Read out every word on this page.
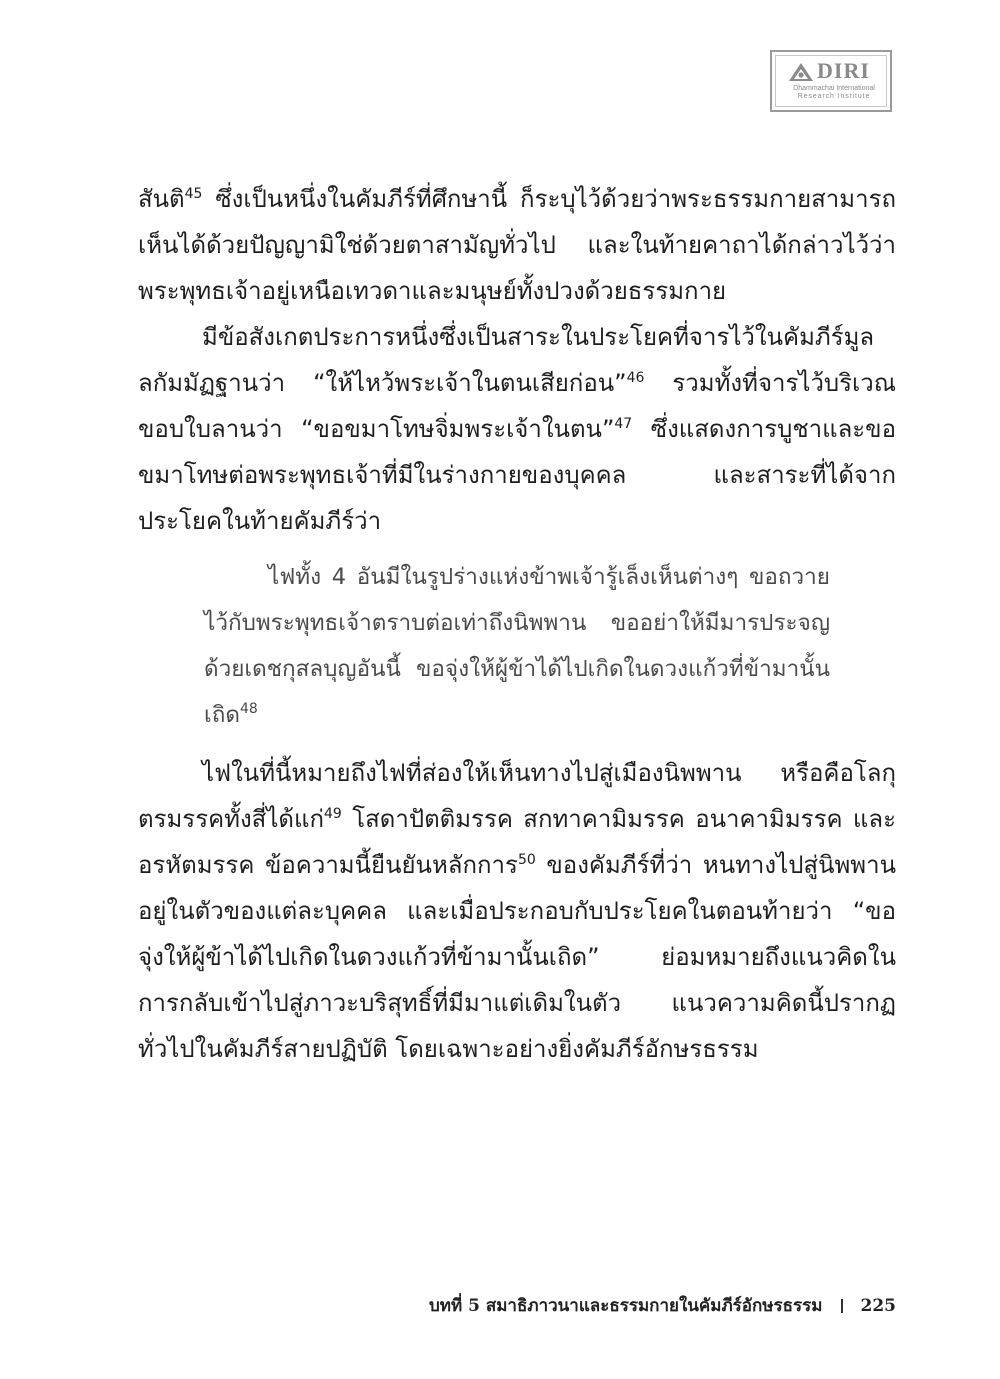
DIRI
Dhammachai International
Research Institute

สันติ$^{45}$ ซึ่งเป็นหนึ่งในคัมภีร์ที่ศึกษานี้ ก็ระบุไว้ด้วยว่าพระธรรมกายสามารถเห็นได้ด้วยปัญญามิใช่ด้วยตาสามัญทั่วไป และในท้ายคาถาได้กล่าวไว้ว่า พระพุทธเจ้าอยู่เหนือเทวดาและมนุษย์ทั้งปวงด้วยธรรมกาย

มีข้อสังเกตประการหนึ่งซึ่งเป็นสาระในประโยคที่จารไว้ในคัมภีร์มูลลกัมมัฏฐานว่า “ให้ไหว้พระเจ้าในตนเสียก่อน”$^{46}$ รวมทั้งที่จารไว้บริเวณขอบใบลานว่า “ขอขมาโทษจิ่มพระเจ้าในตน”$^{47}$ ซึ่งแสดงการบูชาและขอขมาโทษต่อพระพุทธเจ้าที่มีในร่างกายของบุคคล และสาระที่ได้จากประโยคในท้ายคัมภีร์ว่า

ไฟทั้ง 4 อันมีในรูปร่างแห่งข้าพเจ้ารู้เล็งเห็นต่างๆ ขอถวายไว้กับพระพุทธเจ้าตราบต่อเท่าถึงนิพพาน ขออย่าให้มีมารประจญ ด้วยเดชกุสลบุญอันนี้ ขอจุ่งให้ผู้ข้าได้ไปเกิดในดวงแก้วที่ข้ามานั้นเถิด$^{48}$

ไฟในที่นี้หมายถึงไฟที่ส่องให้เห็นทางไปสู่เมืองนิพพาน หรือคือโลกุตรมรรคทั้งสี่ได้แก่$^{49}$ โสดาปัตติมรรค สกทาคามิมรรค อนาคามิมรรค และอรหัตมรรค ข้อความนี้ยืนยันหลักการ$^{50}$ ของคัมภีร์ที่ว่า หนทางไปสู่นิพพานอยู่ในตัวของแต่ละบุคคล และเมื่อประกอบกับประโยคในตอนท้ายว่า “ขอจุ่งให้ผู้ข้าได้ไปเกิดในดวงแก้วที่ข้ามานั้นเถิด” ย่อมหมายถึงแนวคิดในการกลับเข้าไปสู่ภาวะบริสุทธิ์ที่มีมาแต่เดิมในตัว แนวความคิดนี้ปรากฏทั่วไปในคัมภีร์สายปฏิบัติ โดยเฉพาะอย่างยิ่งคัมภีร์อักษรธรรม

บทที่ 5 สมาธิภาวนาและธรรมกายในคัมภีร์อักษรธรรม 225
